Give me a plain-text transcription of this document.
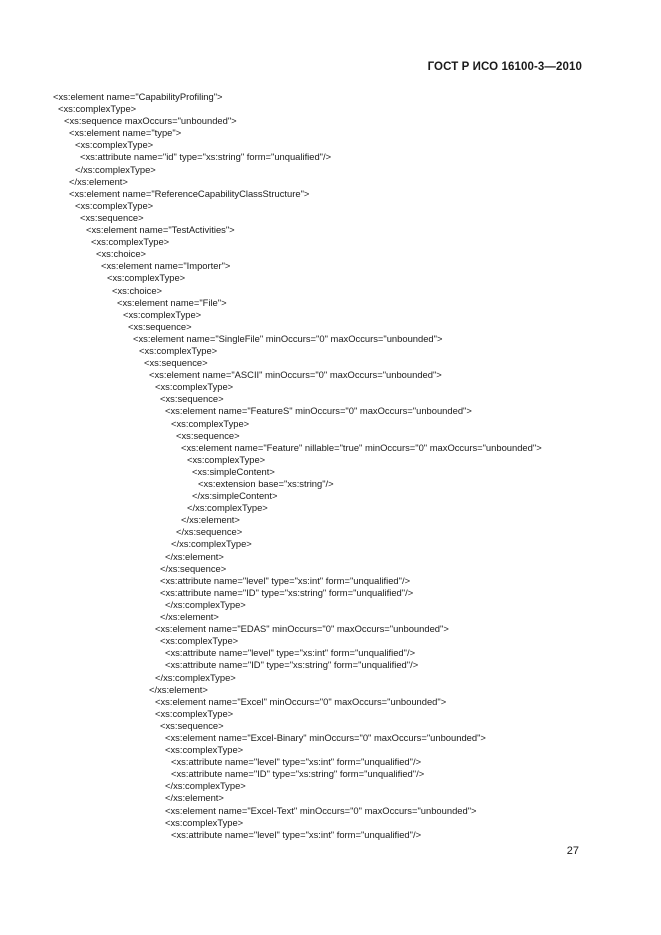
ГОСТ Р ИСО 16100-3—2010
<xs:element name="CapabilityProfiling">
<xs:complexType>
<xs:sequence maxOccurs="unbounded">
<xs:element name="type">
<xs:complexType>
<xs:attribute name="id" type="xs:string" form="unqualified"/>
</xs:complexType>
</xs:element>
<xs:element name="ReferenceCapabilityClassStructure">
<xs:complexType>
<xs:sequence>
<xs:element name="TestActivities">
<xs:complexType>
<xs:choice>
<xs:element name="Importer">
<xs:complexType>
<xs:choice>
<xs:element name="File">
<xs:complexType>
<xs:sequence>
<xs:element name="SingleFile" minOccurs="0" maxOccurs="unbounded">
<xs:complexType>
<xs:sequence>
<xs:element name="ASCII" minOccurs="0" maxOccurs="unbounded">
<xs:complexType>
<xs:sequence>
<xs:element name="FeatureS" minOccurs="0" maxOccurs="unbounded">
<xs:complexType>
<xs:sequence>
<xs:element name="Feature" nillable="true" minOccurs="0" maxOccurs="unbounded">
<xs:complexType>
<xs:simpleContent>
<xs:extension base="xs:string"/>
</xs:simpleContent>
</xs:complexType>
</xs:element>
</xs:sequence>
</xs:complexType>
</xs:element>
</xs:sequence>
<xs:attribute name="level" type="xs:int" form="unqualified"/>
<xs:attribute name="ID" type="xs:string" form="unqualified"/>
</xs:complexType>
</xs:element>
<xs:element name="EDAS" minOccurs="0" maxOccurs="unbounded">
<xs:complexType>
<xs:attribute name="level" type="xs:int" form="unqualified"/>
<xs:attribute name="ID" type="xs:string" form="unqualified"/>
</xs:complexType>
</xs:element>
<xs:element name="Excel" minOccurs="0" maxOccurs="unbounded">
<xs:complexType>
<xs:sequence>
<xs:element name="Excel-Binary" minOccurs="0" maxOccurs="unbounded">
<xs:complexType>
<xs:attribute name="level" type="xs:int" form="unqualified"/>
<xs:attribute name="ID" type="xs:string" form="unqualified"/>
</xs:complexType>
</xs:element>
<xs:element name="Excel-Text" minOccurs="0" maxOccurs="unbounded">
<xs:complexType>
<xs:attribute name="level" type="xs:int" form="unqualified"/>
27
